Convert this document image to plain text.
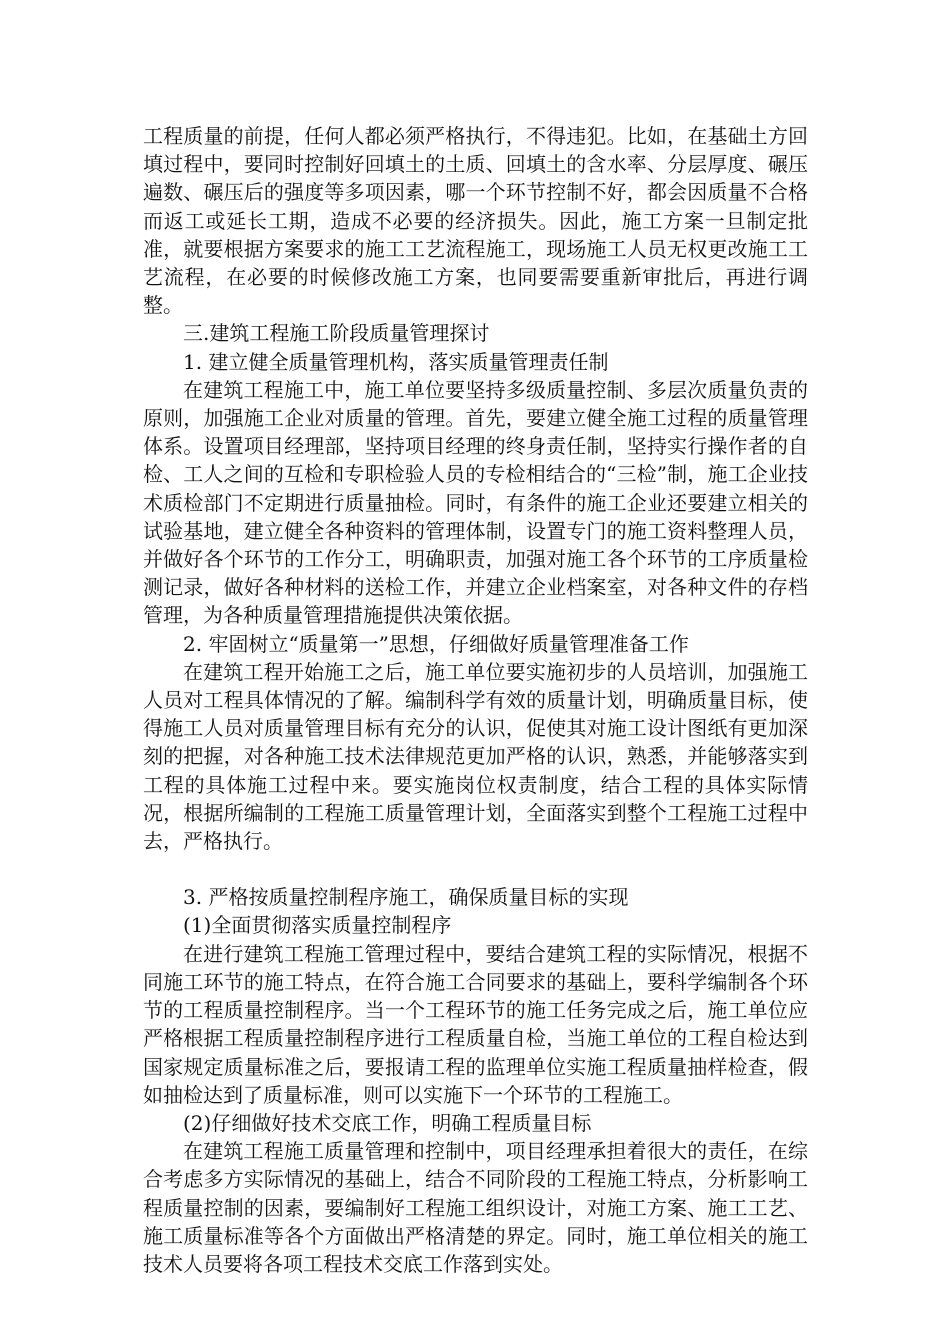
工程质量的前提，任何人都必须严格执行，不得违犯。比如，在基础土方回填过程中，要同时控制好回填土的土质、回填土的含水率、分层厚度、碾压遍数、碾压后的强度等多项因素，哪一个环节控制不好，都会因质量不合格而返工或延长工期，造成不必要的经济损失。因此，施工方案一旦制定批准，就要根据方案要求的施工工艺流程施工，现场施工人员无权更改施工工艺流程，在必要的时候修改施工方案，也同要需要重新审批后，再进行调整。

三.建筑工程施工阶段质量管理探讨

1. 建立健全质量管理机构，落实质量管理责任制

在建筑工程施工中，施工单位要坚持多级质量控制、多层次质量负责的原则，加强施工企业对质量的管理。首先，要建立健全施工过程的质量管理体系。设置项目经理部，坚持项目经理的终身责任制，坚持实行操作者的自检、工人之间的互检和专职检验人员的专检相结合的“三检”制，施工企业技术质检部门不定期进行质量抽检。同时，有条件的施工企业还要建立相关的试验基地，建立健全各种资料的管理体制，设置专门的施工资料整理人员，并做好各个环节的工作分工，明确职责，加强对施工各个环节的工序质量检测记录，做好各种材料的送检工作，并建立企业档案室，对各种文件的存档管理，为各种质量管理措施提供决策依据。

2. 牢固树立“质量第一”思想，仔细做好质量管理准备工作

在建筑工程开始施工之后，施工单位要实施初步的人员培训，加强施工人员对工程具体情况的了解。编制科学有效的质量计划，明确质量目标，使得施工人员对质量管理目标有充分的认识，促使其对施工设计图纸有更加深刻的把握，对各种施工技术法律规范更加严格的认识，熟悉，并能够落实到工程的具体施工过程中来。要实施岗位权责制度，结合工程的具体实际情况，根据所编制的工程施工质量管理计划，全面落实到整个工程施工过程中去，严格执行。

3. 严格按质量控制程序施工，确保质量目标的实现

(1)全面贯彻落实质量控制程序

在进行建筑工程施工管理过程中，要结合建筑工程的实际情况，根据不同施工环节的施工特点，在符合施工合同要求的基础上，要科学编制各个环节的工程质量控制程序。当一个工程环节的施工任务完成之后，施工单位应严格根据工程质量控制程序进行工程质量自检，当施工单位的工程自检达到国家规定质量标准之后，要报请工程的监理单位实施工程质量抽样检查，假如抽检达到了质量标准，则可以实施下一个环节的工程施工。

(2)仔细做好技术交底工作，明确工程质量目标

在建筑工程施工质量管理和控制中，项目经理承担着很大的责任，在综合考虑多方实际情况的基础上，结合不同阶段的工程施工特点，分析影响工程质量控制的因素，要编制好工程施工组织设计，对施工方案、施工工艺、施工质量标准等各个方面做出严格清楚的界定。同时，施工单位相关的施工技术人员要将各项工程技术交底工作落到实处。
